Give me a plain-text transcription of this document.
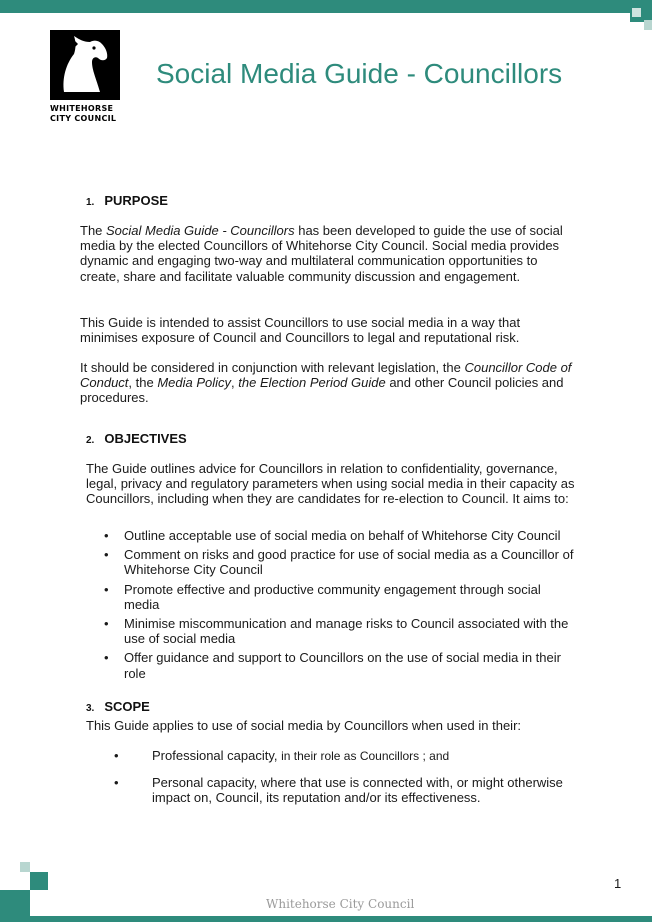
WHITEHORSE
CITY COUNCIL
Social Media Guide - Councillors
1. PURPOSE
The Social Media Guide - Councillors has been developed to guide the use of social media by the elected Councillors of Whitehorse City Council. Social media provides dynamic and engaging two-way and multilateral communication opportunities to create, share and facilitate valuable community discussion and engagement.
This Guide is intended to assist Councillors to use social media in a way that minimises exposure of Council and Councillors to legal and reputational risk.
It should be considered in conjunction with relevant legislation, the Councillor Code of Conduct, the Media Policy, the Election Period Guide and other Council policies and procedures.
2. OBJECTIVES
The Guide outlines advice for Councillors in relation to confidentiality, governance, legal, privacy and regulatory parameters when using social media in their capacity as Councillors, including when they are candidates for re-election to Council. It aims to:
• Outline acceptable use of social media on behalf of Whitehorse City Council
• Comment on risks and good practice for use of social media as a Councillor of Whitehorse City Council
• Promote effective and productive community engagement through social media
• Minimise miscommunication and manage risks to Council associated with the use of social media
• Offer guidance and support to Councillors on the use of social media in their role
3. SCOPE
This Guide applies to use of social media by Councillors when used in their:
•	Professional capacity, in their role as Councillors ; and
•	Personal capacity, where that use is connected with, or might otherwise impact on, Council, its reputation and/or its effectiveness.
1
Whitehorse City Council
